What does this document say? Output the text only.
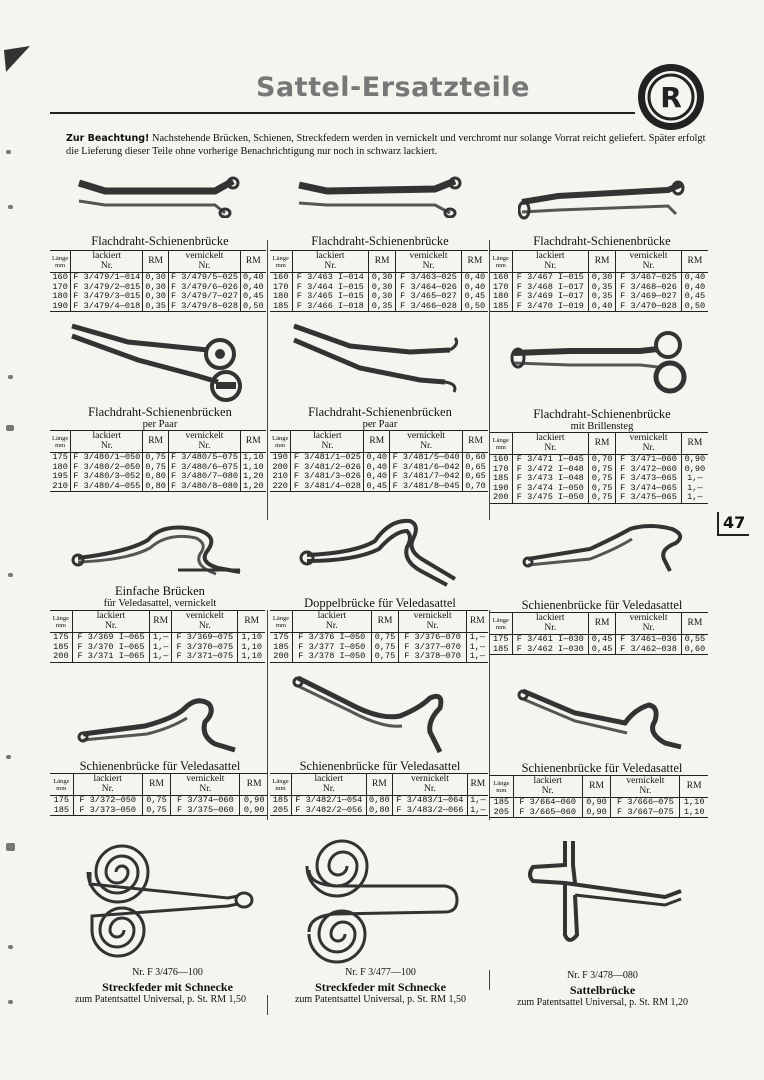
Sattel-Ersatzteile	R
Zur Beachtung! Nachstehende Brücken, Schienen, Streckfedern werden in vernickelt und verchromt nur solange Vorrat reicht geliefert. Später erfolgt die Lieferung dieser Teile ohne vorherige Benachrichtigung nur noch in schwarz lackiert.
47
Flachdraht-Schienenbrücke	Flachdraht-Schienenbrücke	Flachdraht-Schienenbrücke
Länge
mm	lackiert
Nr.	RM	vernickelt
Nr.	RM
160	F 3/479/1—014	0,30	F 3/479/5—025	0,40
170	F 3/479/2—015	0,30	F 3/479/6—026	0,40
180	F 3/479/3—015	0,30	F 3/479/7—027	0,45
190	F 3/479/4—018	0,35	F 3/479/8—028	0,50
Länge
mm	lackiert
Nr.	RM	vernickelt
Nr.	RM
160	F 3/463 I—014	0,30	F 3/463—025	0,40
170	F 3/464 I—015	0,30	F 3/464—026	0,40
180	F 3/465 I—015	0,30	F 3/465—027	0,45
185	F 3/466 I—018	0,35	F 3/466—028	0,50
Länge
mm	lackiert
Nr.	RM	vernickelt
Nr.	RM
160	F 3/467 I—015	0,30	F 3/467—025	0,40
170	F 3/468 I—017	0,35	F 3/468—026	0,40
180	F 3/469 I—017	0,35	F 3/469—027	0,45
185	F 3/470 I—019	0,40	F 3/470—028	0,50
Flachdraht-Schienenbrücken
per Paar
Flachdraht-Schienenbrücken
per Paar
Flachdraht-Schienenbrücke
mit Brillensteg
Länge
mm	lackiert
Nr.	RM	vernickelt
Nr.	RM
175	F 3/480/1—050	0,75	F 3/480/5—075	1,10
180	F 3/480/2—050	0,75	F 3/480/6—075	1,10
195	F 3/480/3—052	0,80	F 3/480/7—080	1,20
210	F 3/480/4—055	0,80	F 3/480/8—080	1,20
Länge
mm	lackiert
Nr.	RM	vernickelt
Nr.	RM
190	F 3/481/1—025	0,40	F 3/481/5—040	0,60
200	F 3/481/2—026	0,40	F 3/481/6—042	0,65
210	F 3/481/3—026	0,40	F 3/481/7—042	0,65
220	F 3/481/4—028	0,45	F 3/481/8—045	0,70
Länge
mm	lackiert
Nr.	RM	vernickelt
Nr.	RM
160	F 3/471 I—045	0,70	F 3/471—060	0,90
170	F 3/472 I—048	0,75	F 3/472—060	0,90
185	F 3/473 I—048	0,75	F 3/473—065	1,—
190	F 3/474 I—050	0,75	F 3/474—065	1,—
200	F 3/475 I—050	0,75	F 3/475—065	1,—
Einfache Brücken
für Veledasattel, vernickelt	Doppelbrücke für Veledasattel	Schienenbrücke für Veledasattel
Länge
mm	lackiert
Nr.	RM	vernickelt
Nr.	RM
175	F 3/369 I—065	1,—	F 3/369—075	1,10
185	F 3/370 I—065	1,—	F 3/370—075	1,10
200	F 3/371 I—065	1,—	F 3/371—075	1,10
Länge
mm	lackiert
Nr.	RM	vernickelt
Nr.	RM
175	F 3/376 I—050	0,75	F 3/376—070	1,—
185	F 3/377 I—050	0,75	F 3/377—070	1,—
200	F 3/378 I—050	0,75	F 3/378—070	1,—
Länge
mm	lackiert
Nr.	RM	vernickelt
Nr.	RM
175	F 3/461 I—030	0,45	F 3/461—036	0,55
185	F 3/462 I—030	0,45	F 3/462—038	0,60
Schienenbrücke für Veledasattel	Schienenbrücke für Veledasattel	Schienenbrücke für Veledasattel
Länge
mm	lackiert
Nr.	RM	vernickelt
Nr.	RM
175	F 3/372—050	0,75	F 3/374—060	0,90
185	F 3/373—050	0,75	F 3/375—060	0,90
Länge
mm	lackiert
Nr.	RM	vernickelt
Nr.	RM
185	F 3/482/1—054	0,80	F 3/483/1—064	1,—
205	F 3/482/2—056	0,80	F 3/483/2—066	1,—
Länge
mm	lackiert
Nr.	RM	vernickelt
Nr.	RM
185	F 3/664—060	0,90	F 3/666—075	1,10
205	F 3/665—060	0,90	F 3/667—075	1,10
Nr. F 3/476—100
Streckfeder mit Schnecke
zum Patentsattel Universal, p. St. RM 1,50
Nr. F 3/477—100
Streckfeder mit Schnecke
zum Patentsattel Universal, p. St. RM 1,50
Nr. F 3/478—080
Sattelbrücke
zum Patentsattel Universal, p. St. RM 1,20
